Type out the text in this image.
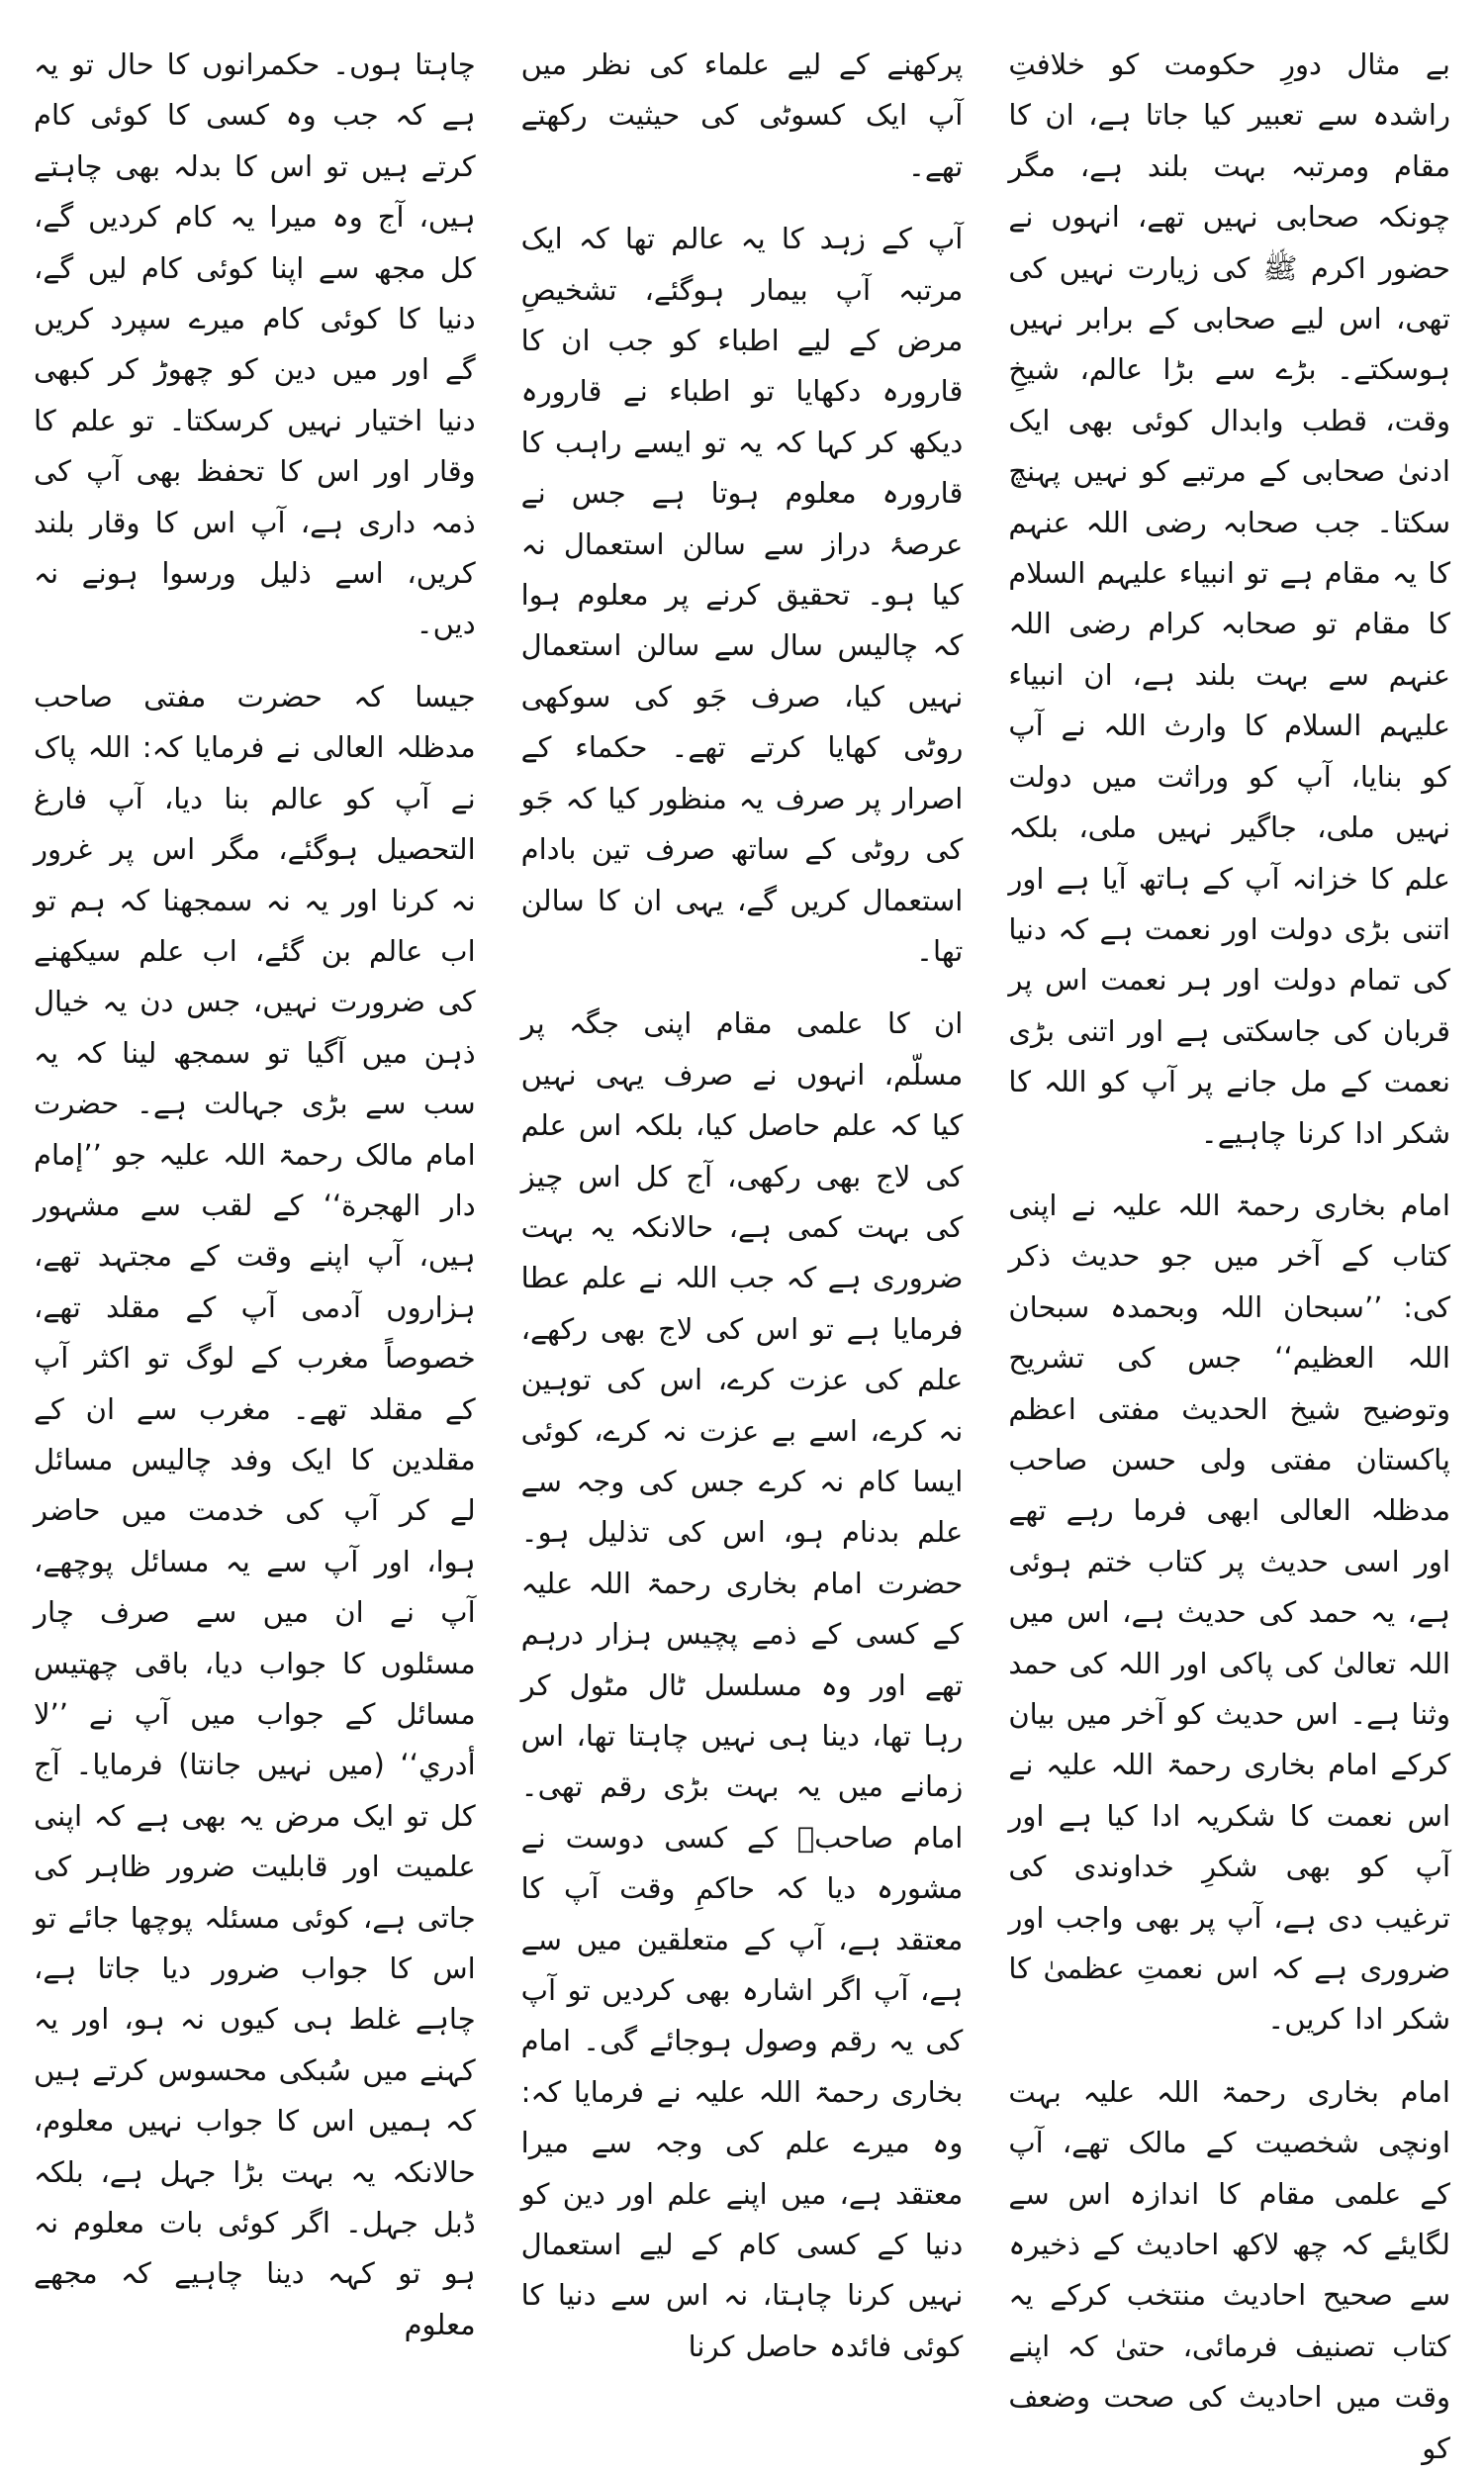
بے مثال دورِ حکومت کو خلافتِ راشدہ سے تعبیر کیا جاتا ہے، ان کا مقام ومرتبہ بہت بلند ہے، مگر چونکہ صحابی نہیں تھے، انہوں نے حضور اکرم ﷺ کی زیارت نہیں کی تھی، اس لیے صحابی کے برابر نہیں ہوسکتے۔ بڑے سے بڑا عالم، شیخِ وقت، قطب وابدال کوئی بھی ایک ادنیٰ صحابی کے مرتبے کو نہیں پہنچ سکتا۔ جب صحابہ رضی اللہ عنہم کا یہ مقام ہے تو انبیاء علیہم السلام کا مقام تو صحابہ کرام رضی اللہ عنہم سے بہت بلند ہے، ان انبیاء علیہم السلام کا وارث اللہ نے آپ کو بنایا، آپ کو وراثت میں دولت نہیں ملی، جاگیر نہیں ملی، بلکہ علم کا خزانہ آپ کے ہاتھ آیا ہے اور اتنی بڑی دولت اور نعمت ہے کہ دنیا کی تمام دولت اور ہر نعمت اس پر قربان کی جاسکتی ہے اور اتنی بڑی نعمت کے مل جانے پر آپ کو اللہ کا شکر ادا کرنا چاہیے۔

امام بخاری رحمۃ اللہ علیہ نے اپنی کتاب کے آخر میں جو حدیث ذکر کی: ’’سبحان اللہ وبحمدہ سبحان اللہ العظیم‘‘ جس کی تشریح وتوضیح شیخ الحدیث مفتی اعظم پاکستان مفتی ولی حسن صاحب مدظلہ العالی ابھی فرما رہے تھے اور اسی حدیث پر کتاب ختم ہوئی ہے، یہ حمد کی حدیث ہے، اس میں اللہ تعالیٰ کی پاکی اور اللہ کی حمد وثنا ہے۔ اس حدیث کو آخر میں بیان کرکے امام بخاری رحمۃ اللہ علیہ نے اس نعمت کا شکریہ ادا کیا ہے اور آپ کو بھی شکرِ خداوندی کی ترغیب دی ہے، آپ پر بھی واجب اور ضروری ہے کہ اس نعمتِ عظمیٰ کا شکر ادا کریں۔

امام بخاری رحمۃ اللہ علیہ بہت اونچی شخصیت کے مالک تھے، آپ کے علمی مقام کا اندازہ اس سے لگایئے کہ چھ لاکھ احادیث کے ذخیرہ سے صحیح احادیث منتخب کرکے یہ کتاب تصنیف فرمائی، حتیٰ کہ اپنے وقت میں احادیث کی صحت وضعف کو

پرکھنے کے لیے علماء کی نظر میں آپ ایک کسوٹی کی حیثیت رکھتے تھے۔

آپ کے زہد کا یہ عالم تھا کہ ایک مرتبہ آپ بیمار ہوگئے، تشخیصِ مرض کے لیے اطباء کو جب ان کا قارورہ دکھایا تو اطباء نے قارورہ دیکھ کر کہا کہ یہ تو ایسے راہب کا قارورہ معلوم ہوتا ہے جس نے عرصۂ دراز سے سالن استعمال نہ کیا ہو۔ تحقیق کرنے پر معلوم ہوا کہ چالیس سال سے سالن استعمال نہیں کیا، صرف جَو کی سوکھی روٹی کھایا کرتے تھے۔ حکماء کے اصرار پر صرف یہ منظور کیا کہ جَو کی روٹی کے ساتھ صرف تین بادام استعمال کریں گے، یہی ان کا سالن تھا۔

ان کا علمی مقام اپنی جگہ پر مسلّم، انہوں نے صرف یہی نہیں کیا کہ علم حاصل کیا، بلکہ اس علم کی لاج بھی رکھی، آج کل اس چیز کی بہت کمی ہے، حالانکہ یہ بہت ضروری ہے کہ جب اللہ نے علم عطا فرمایا ہے تو اس کی لاج بھی رکھے، علم کی عزت کرے، اس کی توہین نہ کرے، اسے بے عزت نہ کرے، کوئی ایسا کام نہ کرے جس کی وجہ سے علم بدنام ہو، اس کی تذلیل ہو۔ حضرت امام بخاری رحمۃ اللہ علیہ کے کسی کے ذمے پچیس ہزار درہم تھے اور وہ مسلسل ٹال مٹول کر رہا تھا، دینا ہی نہیں چاہتا تھا، اس زمانے میں یہ بہت بڑی رقم تھی۔ امام صاحبؒ کے کسی دوست نے مشورہ دیا کہ حاکمِ وقت آپ کا معتقد ہے، آپ کے متعلقین میں سے ہے، آپ اگر اشارہ بھی کردیں تو آپ کی یہ رقم وصول ہوجائے گی۔ امام بخاری رحمۃ اللہ علیہ نے فرمایا کہ: وہ میرے علم کی وجہ سے میرا معتقد ہے، میں اپنے علم اور دین کو دنیا کے کسی کام کے لیے استعمال نہیں کرنا چاہتا، نہ اس سے دنیا کا کوئی فائدہ حاصل کرنا

چاہتا ہوں۔ حکمرانوں کا حال تو یہ ہے کہ جب وہ کسی کا کوئی کام کرتے ہیں تو اس کا بدلہ بھی چاہتے ہیں، آج وہ میرا یہ کام کردیں گے، کل مجھ سے اپنا کوئی کام لیں گے، دنیا کا کوئی کام میرے سپرد کریں گے اور میں دین کو چھوڑ کر کبھی دنیا اختیار نہیں کرسکتا۔ تو علم کا وقار اور اس کا تحفظ بھی آپ کی ذمہ داری ہے، آپ اس کا وقار بلند کریں، اسے ذلیل ورسوا ہونے نہ دیں۔

جیسا کہ حضرت مفتی صاحب مدظلہ العالی نے فرمایا کہ: اللہ پاک نے آپ کو عالم بنا دیا، آپ فارغ التحصیل ہوگئے، مگر اس پر غرور نہ کرنا اور یہ نہ سمجھنا کہ ہم تو اب عالم بن گئے، اب علم سیکھنے کی ضرورت نہیں، جس دن یہ خیال ذہن میں آگیا تو سمجھ لینا کہ یہ سب سے بڑی جہالت ہے۔ حضرت امام مالک رحمۃ اللہ علیہ جو ’’إمام دار الهجرة‘‘ کے لقب سے مشہور ہیں، آپ اپنے وقت کے مجتہد تھے، ہزاروں آدمی آپ کے مقلد تھے، خصوصاً مغرب کے لوگ تو اکثر آپ کے مقلد تھے۔ مغرب سے ان کے مقلدین کا ایک وفد چالیس مسائل لے کر آپ کی خدمت میں حاضر ہوا، اور آپ سے یہ مسائل پوچھے، آپ نے ان میں سے صرف چار مسئلوں کا جواب دیا، باقی چھتیس مسائل کے جواب میں آپ نے ’’لا أدري‘‘ (میں نہیں جانتا) فرمایا۔ آج کل تو ایک مرض یہ بھی ہے کہ اپنی علمیت اور قابلیت ضرور ظاہر کی جاتی ہے، کوئی مسئلہ پوچھا جائے تو اس کا جواب ضرور دیا جاتا ہے، چاہے غلط ہی کیوں نہ ہو، اور یہ کہنے میں سُبکی محسوس کرتے ہیں کہ ہمیں اس کا جواب نہیں معلوم، حالانکہ یہ بہت بڑا جہل ہے، بلکہ ڈبل جہل۔ اگر کوئی بات معلوم نہ ہو تو کہہ دینا چاہیے کہ مجھے معلوم
